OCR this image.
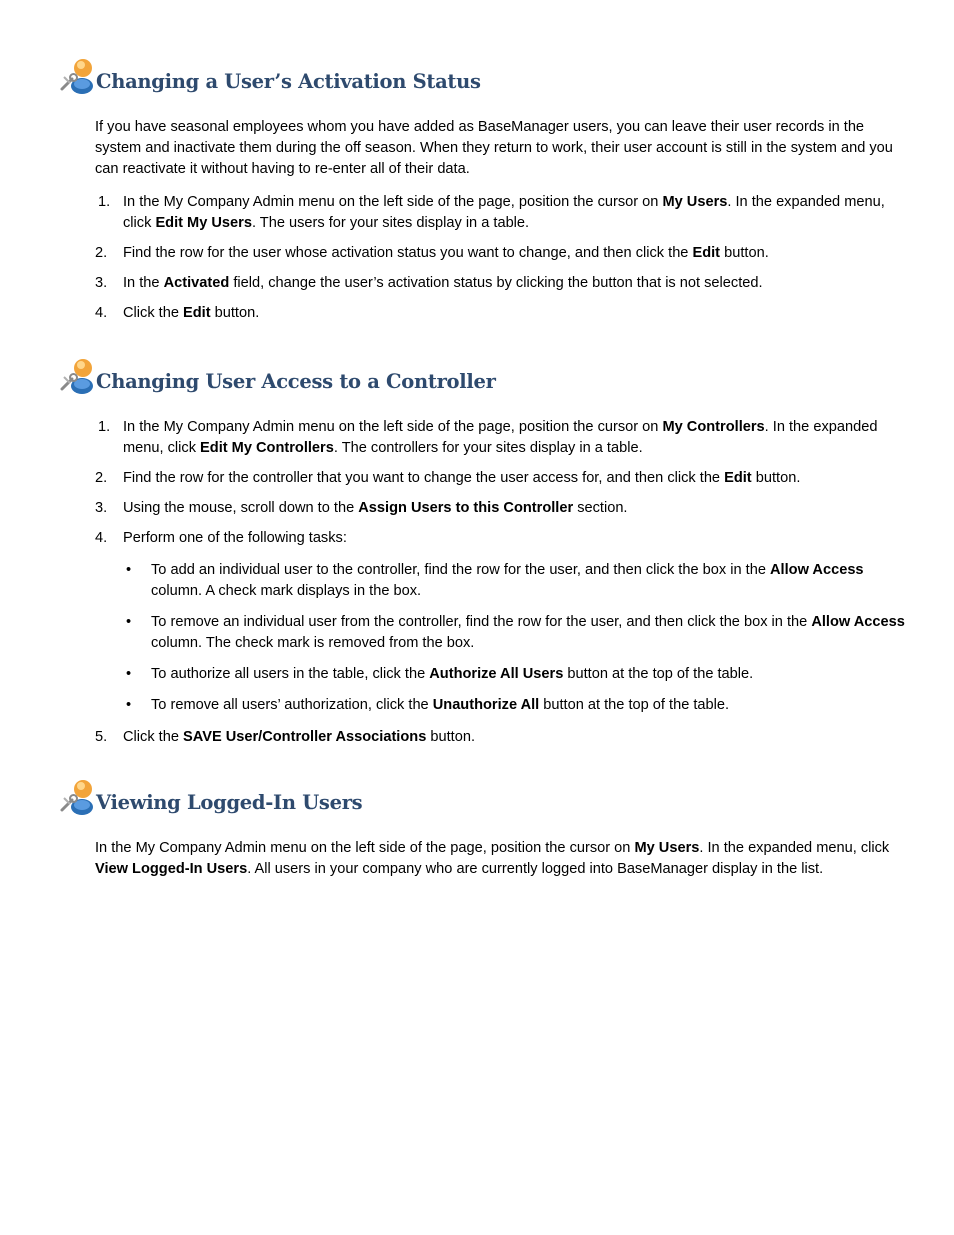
Changing a User’s Activation Status

If you have seasonal employees whom you have added as BaseManager users, you can leave their user records in the system and inactivate them during the off season. When they return to work, their user account is still in the system and you can reactivate it without having to re-enter all of their data.

1. In the My Company Admin menu on the left side of the page, position the cursor on My Users. In the expanded menu, click Edit My Users. The users for your sites display in a table.
2. Find the row for the user whose activation status you want to change, and then click the Edit button.
3. In the Activated field, change the user’s activation status by clicking the button that is not selected.
4. Click the Edit button.
Changing User Access to a Controller
1. In the My Company Admin menu on the left side of the page, position the cursor on My Controllers. In the expanded menu, click Edit My Controllers. The controllers for your sites display in a table.
2. Find the row for the controller that you want to change the user access for, and then click the Edit button.
3. Using the mouse, scroll down to the Assign Users to this Controller section.
4. Perform one of the following tasks:
• To add an individual user to the controller, find the row for the user, and then click the box in the Allow Access column. A check mark displays in the box.
• To remove an individual user from the controller, find the row for the user, and then click the box in the Allow Access column. The check mark is removed from the box.
• To authorize all users in the table, click the Authorize All Users button at the top of the table.
• To remove all users’ authorization, click the Unauthorize All button at the top of the table.
5. Click the SAVE User/Controller Associations button.
Viewing Logged-In Users

In the My Company Admin menu on the left side of the page, position the cursor on My Users. In the expanded menu, click View Logged-In Users. All users in your company who are currently logged into BaseManager display in the list.
